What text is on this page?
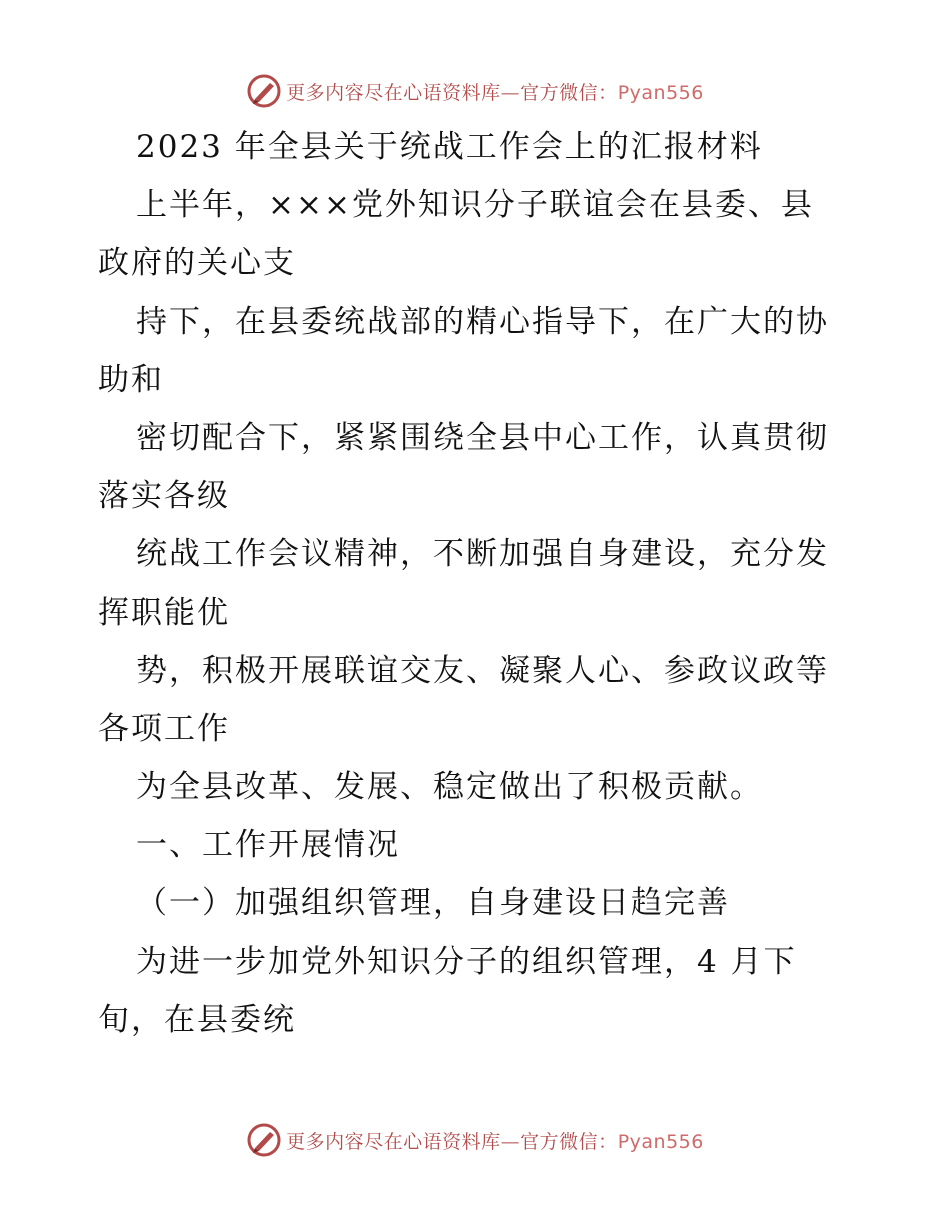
更多内容尽在心语资料库—官方微信：Pyan556
2023 年全县关于统战工作会上的汇报材料
上半年，×××党外知识分子联谊会在县委、县
政府的关心支
持下，在县委统战部的精心指导下，在广大的协
助和
密切配合下，紧紧围绕全县中心工作，认真贯彻
落实各级
统战工作会议精神，不断加强自身建设，充分发
挥职能优
势，积极开展联谊交友、凝聚人心、参政议政等
各项工作
为全县改革、发展、稳定做出了积极贡献。
一、工作开展情况
（一）加强组织管理，自身建设日趋完善
为进一步加党外知识分子的组织管理，4 月下
旬，在县委统
更多内容尽在心语资料库—官方微信：Pyan556
